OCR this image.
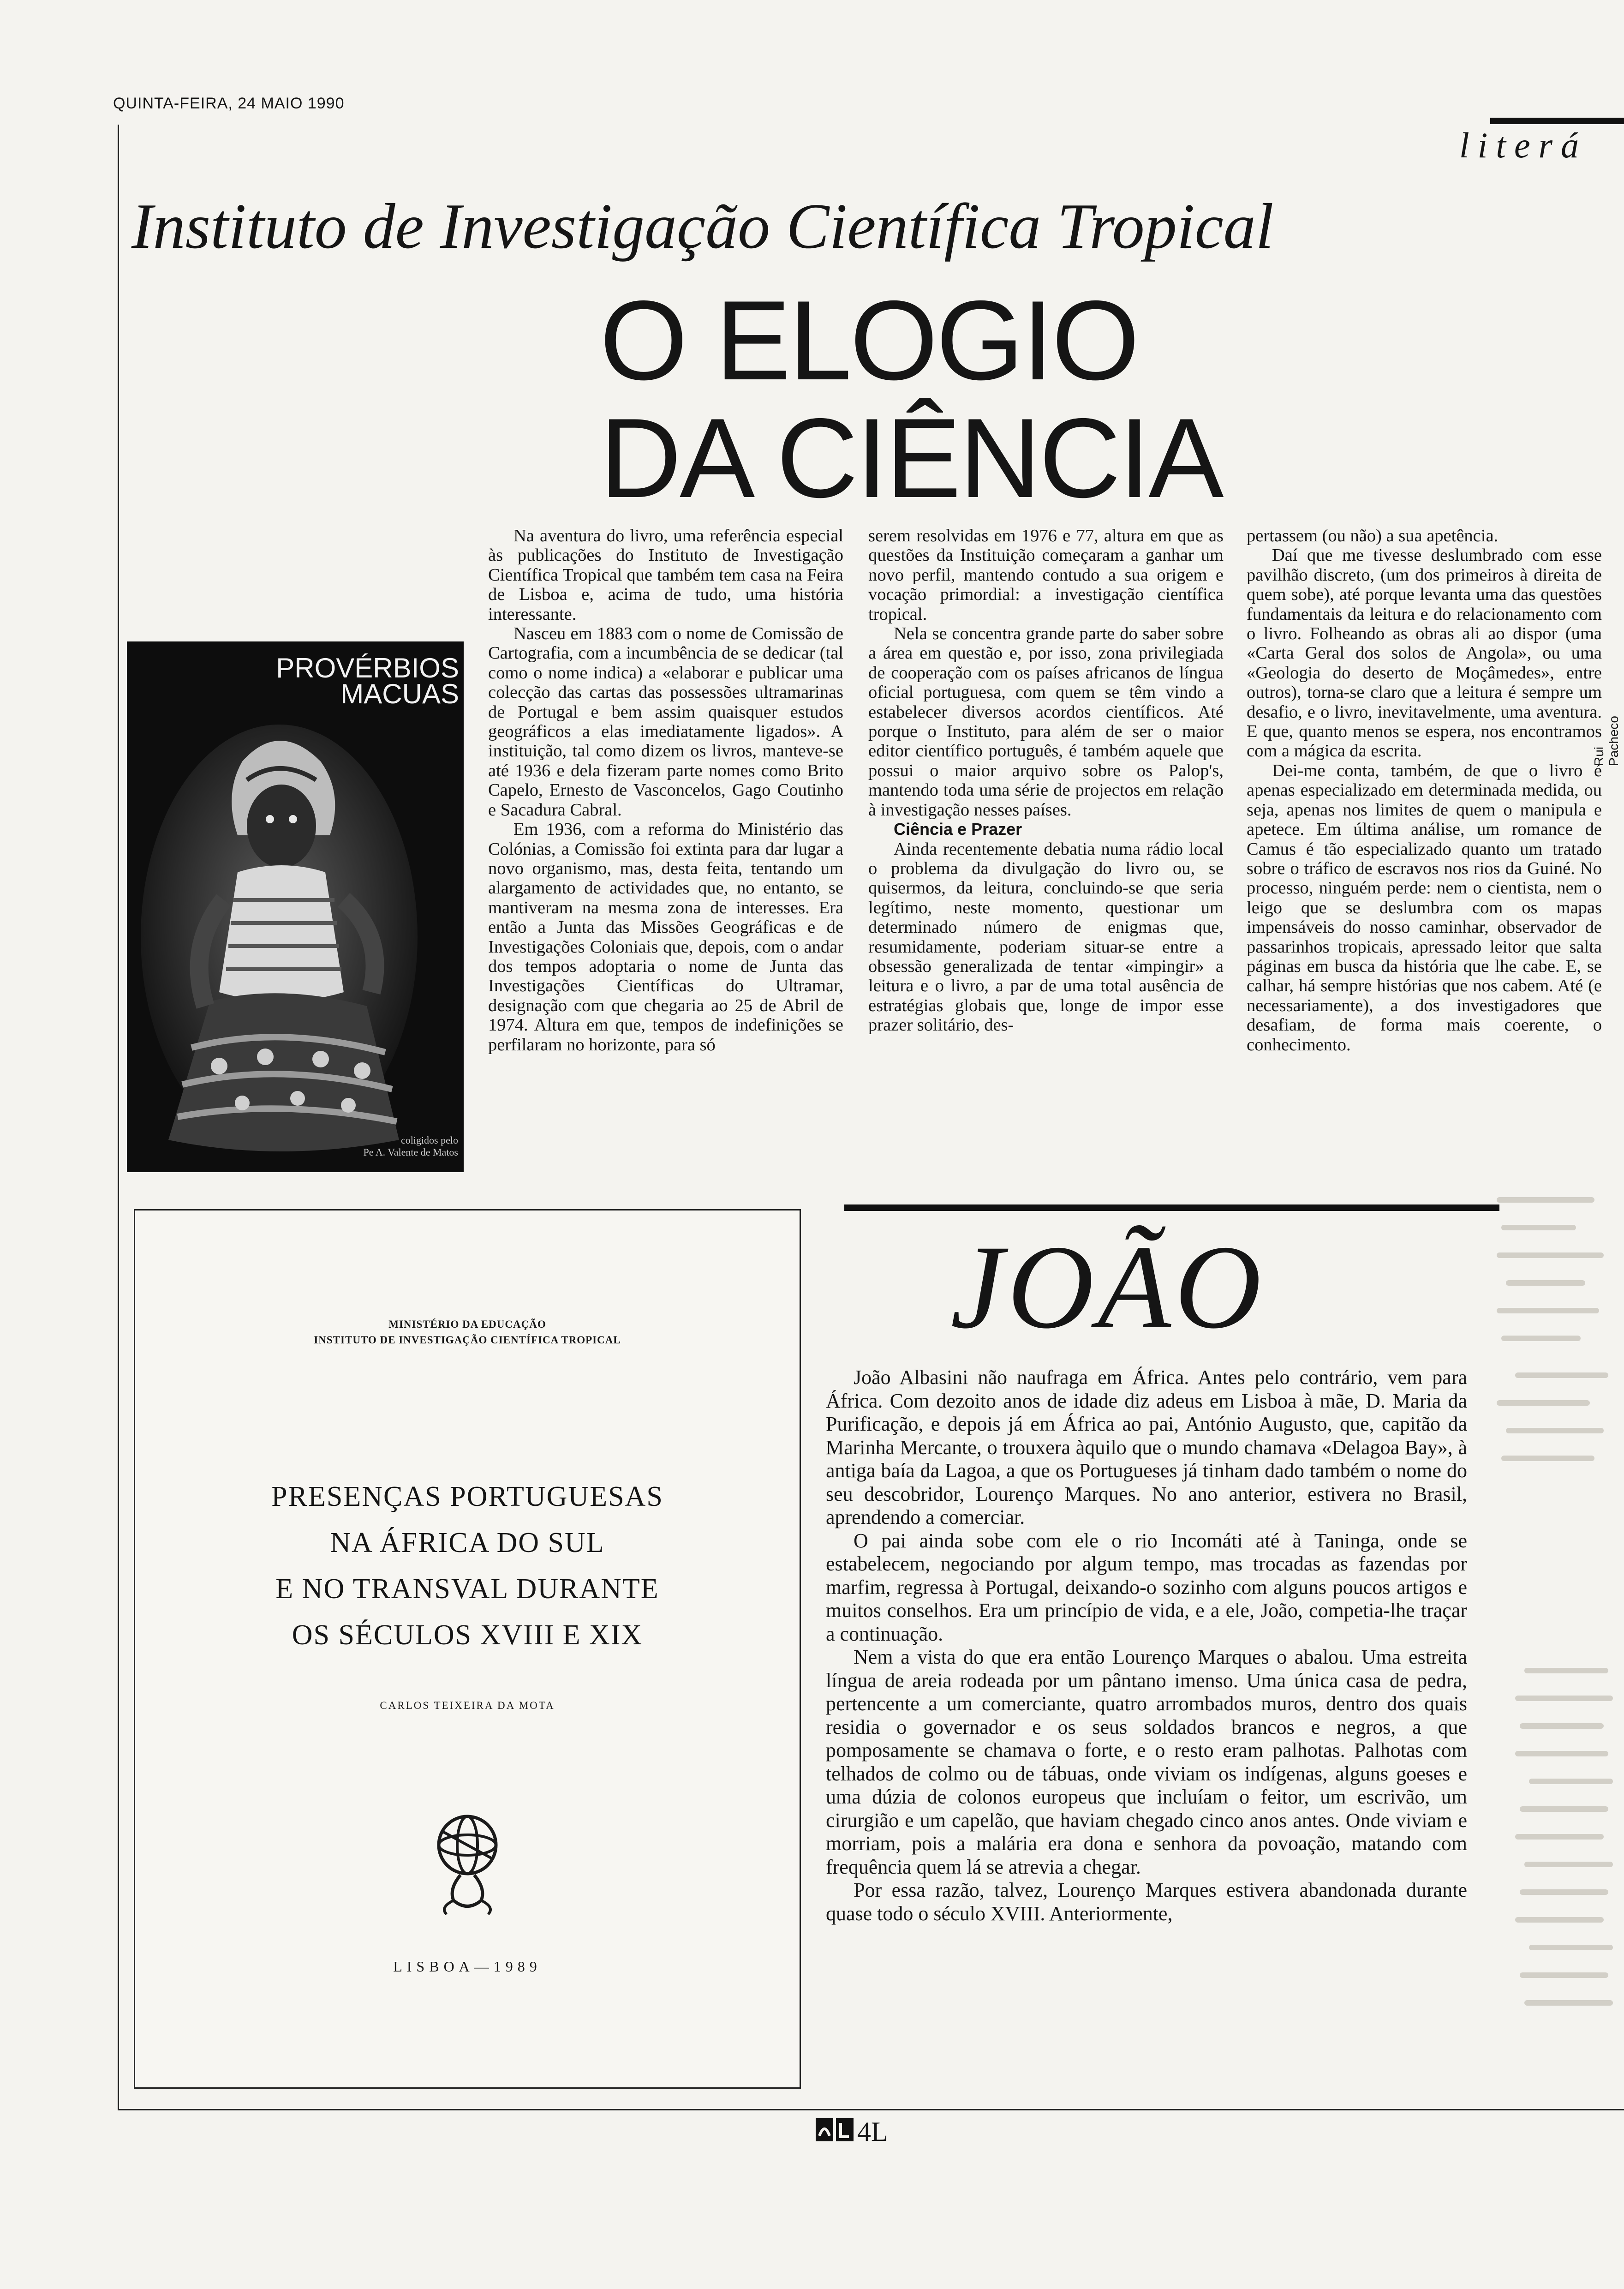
QUINTA-FEIRA, 24 MAIO 1990
literá
Instituto de Investigação Científica Tropical
O ELOGIO
DA CIÊNCIA
PROVÉRBIOS
MACUAS
coligidos pelo
Pe A. Valente de Matos

Na aventura do livro, uma referência especial às publicações do Instituto de Investigação Científica Tropical que também tem casa na Feira de Lisboa e, acima de tudo, uma história interessante.

Nasceu em 1883 com o nome de Comissão de Cartografia, com a incumbência de se dedicar (tal como o nome indica) a «elaborar e publicar uma colecção das cartas das possessões ultramarinas de Portugal e bem assim quaisquer estudos geográficos a elas imediatamente ligados». A instituição, tal como dizem os livros, manteve-se até 1936 e dela fizeram parte nomes como Brito Capelo, Ernesto de Vasconcelos, Gago Coutinho e Sacadura Cabral.

Em 1936, com a reforma do Ministério das Colónias, a Comissão foi extinta para dar lugar a novo organismo, mas, desta feita, tentando um alargamento de actividades que, no entanto, se mantiveram na mesma zona de interesses. Era então a Junta das Missões Geográficas e de Investigações Coloniais que, depois, com o andar dos tempos adoptaria o nome de Junta das Investigações Científicas do Ultramar, designação com que chegaria ao 25 de Abril de 1974. Altura em que, tempos de indefinições se perfilaram no horizonte, para só

serem resolvidas em 1976 e 77, altura em que as questões da Instituição começaram a ganhar um novo perfil, mantendo contudo a sua origem e vocação primordial: a investigação científica tropical.

Nela se concentra grande parte do saber sobre a área em questão e, por isso, zona privilegiada de cooperação com os países africanos de língua oficial portuguesa, com quem se têm vindo a estabelecer diversos acordos científicos. Até porque o Instituto, para além de ser o maior editor científico português, é também aquele que possui o maior arquivo sobre os Palop's, mantendo toda uma série de projectos em relação à investigação nesses países.

Ciência e Prazer

Ainda recentemente debatia numa rádio local o problema da divulgação do livro ou, se quisermos, da leitura, concluindo-se que seria legítimo, neste momento, questionar um determinado número de enigmas que, resumidamente, poderiam situar-se entre a obsessão generalizada de tentar «impingir» a leitura e o livro, a par de uma total ausência de estratégias globais que, longe de impor esse prazer solitário, des-

pertassem (ou não) a sua apetência.

Daí que me tivesse deslumbrado com esse pavilhão discreto, (um dos primeiros à direita de quem sobe), até porque levanta uma das questões fundamentais da leitura e do relacionamento com o livro. Folheando as obras ali ao dispor (uma «Carta Geral dos solos de Angola», ou uma «Geologia do deserto de Moçâmedes», entre outros), torna-se claro que a leitura é sempre um desafio, e o livro, inevitavelmente, uma aventura. E que, quanto menos se espera, nos encontramos com a mágica da escrita.

Dei-me conta, também, de que o livro é apenas especializado em determinada medida, ou seja, apenas nos limites de quem o manipula e apetece. Em última análise, um romance de Camus é tão especializado quanto um tratado sobre o tráfico de escravos nos rios da Guiné. No processo, ninguém perde: nem o cientista, nem o leigo que se deslumbra com os mapas impensáveis do nosso caminhar, observador de passarinhos tropicais, apressado leitor que salta páginas em busca da história que lhe cabe. E, se calhar, há sempre histórias que nos cabem. Até (e necessariamente), a dos investigadores que desafiam, de forma mais coerente, o conhecimento.

Rui Pacheco
MINISTÉRIO DA EDUCAÇÃO
INSTITUTO DE INVESTIGAÇÃO CIENTÍFICA TROPICAL
PRESENÇAS PORTUGUESAS
NA ÁFRICA DO SUL
E NO TRANSVAL DURANTE
OS SÉCULOS XVIII E XIX
CARLOS TEIXEIRA DA MOTA
LISBOA—1989
JOÃO

João Albasini não naufraga em África. Antes pelo contrário, vem para África. Com dezoito anos de idade diz adeus em Lisboa à mãe, D. Maria da Purificação, e depois já em África ao pai, António Augusto, que, capitão da Marinha Mercante, o trouxera àquilo que o mundo chamava «Delagoa Bay», à antiga baía da Lagoa, a que os Portugueses já tinham dado também o nome do seu descobridor, Lourenço Marques. No ano anterior, estivera no Brasil, aprendendo a comerciar.

O pai ainda sobe com ele o rio Incomáti até à Taninga, onde se estabelecem, negociando por algum tempo, mas trocadas as fazendas por marfim, regressa à Portugal, deixando-o sozinho com alguns poucos artigos e muitos conselhos. Era um princípio de vida, e a ele, João, competia-lhe traçar a continuação.

Nem a vista do que era então Lourenço Marques o abalou. Uma estreita língua de areia rodeada por um pântano imenso. Uma única casa de pedra, pertencente a um comerciante, quatro arrombados muros, dentro dos quais residia o governador e os seus soldados brancos e negros, a que pomposamente se chamava o forte, e o resto eram palhotas. Palhotas com telhados de colmo ou de tábuas, onde viviam os indígenas, alguns goeses e uma dúzia de colonos europeus que incluíam o feitor, um escrivão, um cirurgião e um capelão, que haviam chegado cinco anos antes. Onde viviam e morriam, pois a malária era dona e senhora da povoação, matando com frequência quem lá se atrevia a chegar.

Por essa razão, talvez, Lourenço Marques estivera abandonada durante quase todo o século XVIII. Anteriormente,

4L
